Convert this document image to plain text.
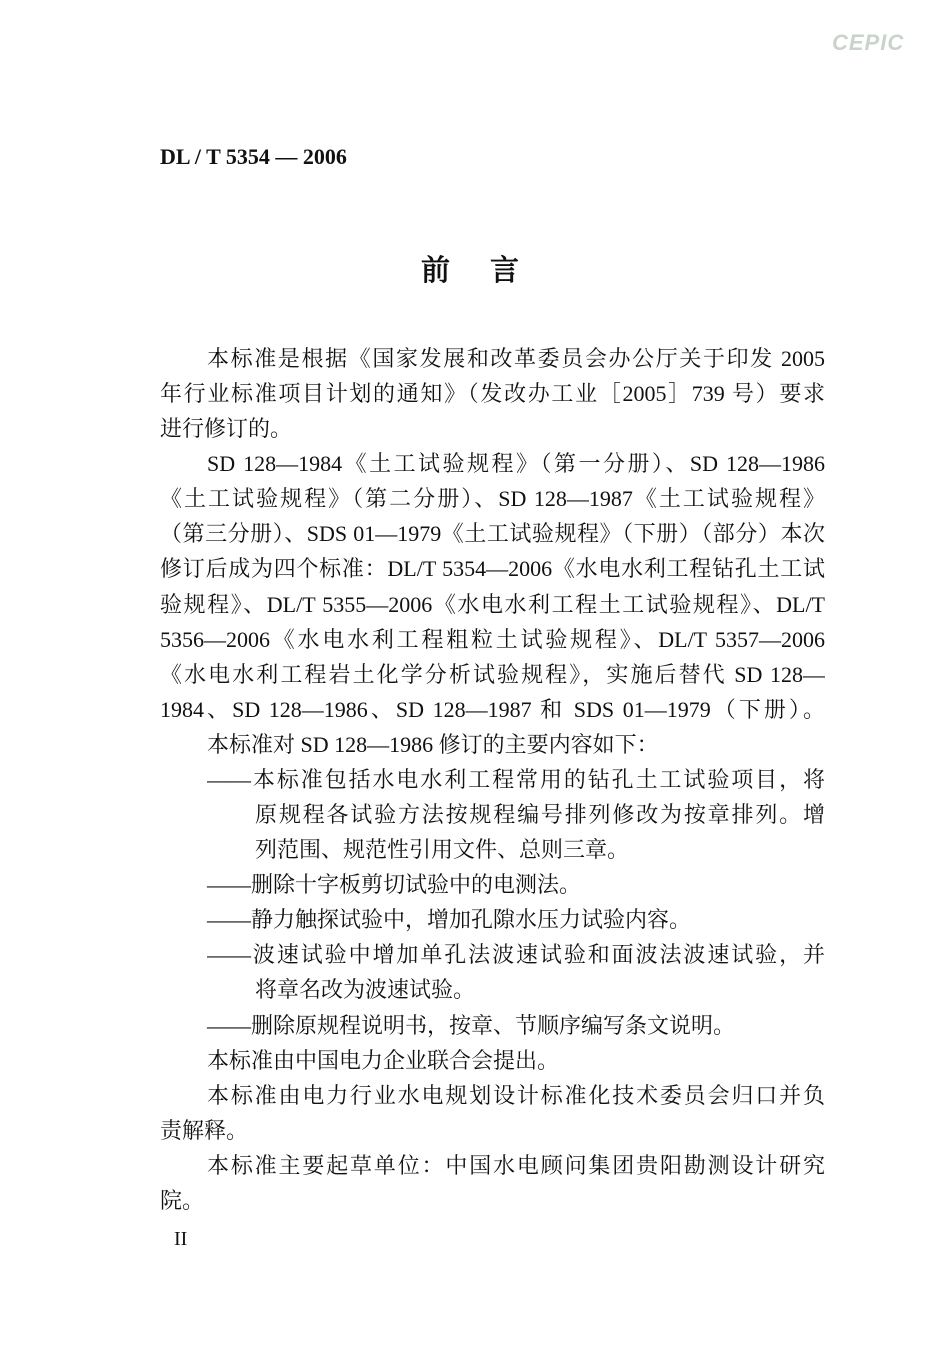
CEPIC
DL / T 5354 — 2006
前言
本标准是根据《国家发展和改革委员会办公厅关于印发 2005
年行业标准项目计划的通知》（发改办工业［2005］739 号）要求
进行修订的。
SD 128—1984《土工试验规程》（第一分册）、SD 128—1986
《土工试验规程》（第二分册）、SD 128—1987《土工试验规程》
（第三分册）、SDS 01—1979《土工试验规程》（下册）（部分）本次
修订后成为四个标准：DL/T 5354—2006《水电水利工程钻孔土工试
验规程》、DL/T 5355—2006《水电水利工程土工试验规程》、DL/T
5356—2006《水电水利工程粗粒土试验规程》、DL/T 5357—2006
《水电水利工程岩土化学分析试验规程》，实施后替代 SD 128—
1984、SD 128—1986、SD 128—1987 和 SDS 01—1979（下册）。
本标准对 SD 128—1986 修订的主要内容如下：
——本标准包括水电水利工程常用的钻孔土工试验项目，将
原规程各试验方法按规程编号排列修改为按章排列。增
列范围、规范性引用文件、总则三章。
——删除十字板剪切试验中的电测法。
——静力触探试验中，增加孔隙水压力试验内容。
——波速试验中增加单孔法波速试验和面波法波速试验，并
将章名改为波速试验。
——删除原规程说明书，按章、节顺序编写条文说明。
本标准由中国电力企业联合会提出。
本标准由电力行业水电规划设计标准化技术委员会归口并负
责解释。
本标准主要起草单位：中国水电顾问集团贵阳勘测设计研究
院。
II
